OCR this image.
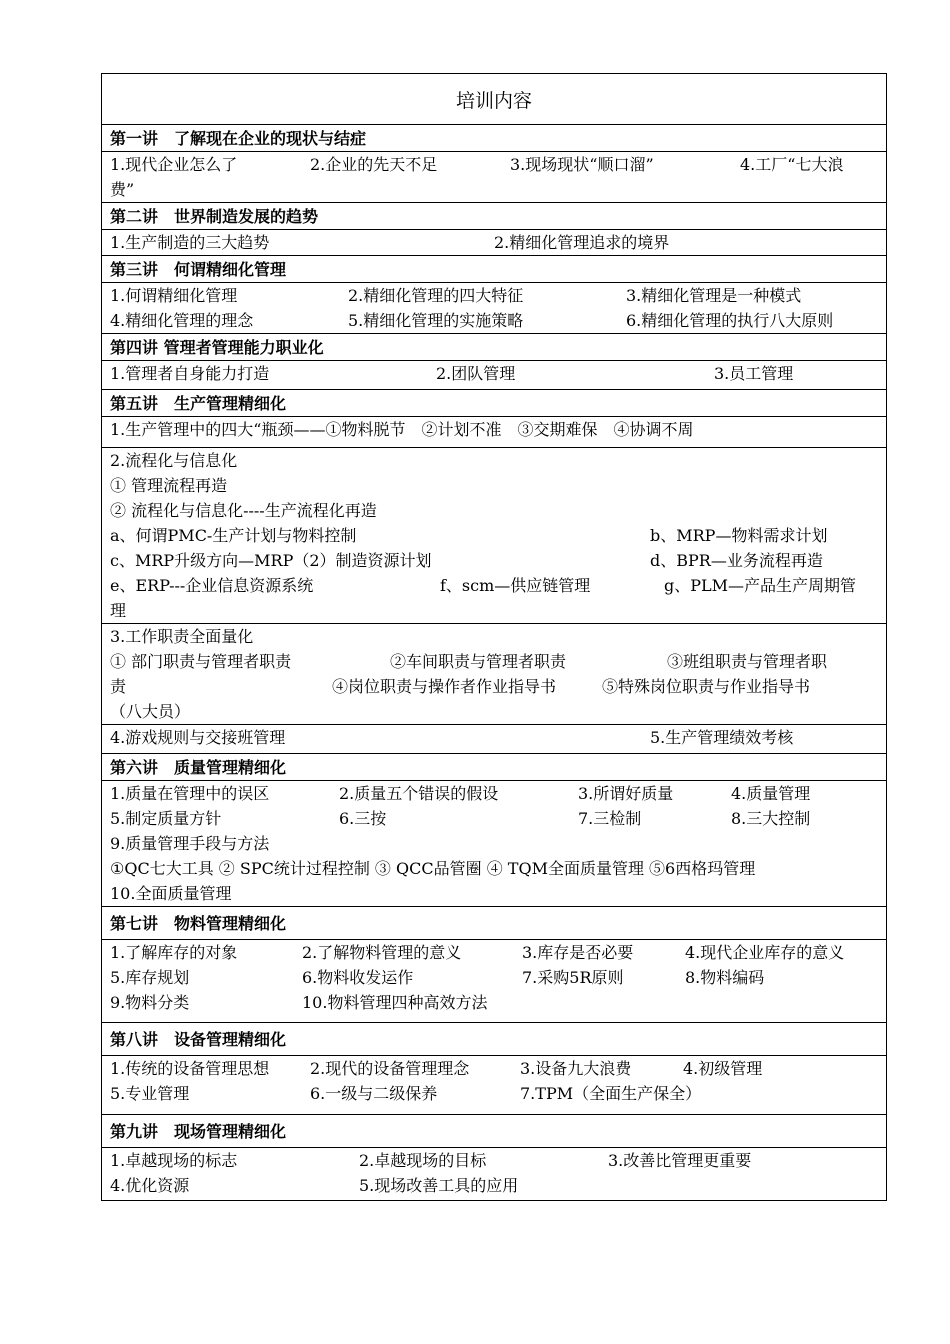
培训内容
第一讲　了解现在企业的现状与结症

1.现代企业怎么了	2.企业的先天不足	3.现场现状“顺口溜”	4.工厂“七大浪
费”

第二讲　世界制造发展的趋势

1.生产制造的三大趋势	2.精细化管理追求的境界

第三讲　何谓精细化管理

1.何谓精细化管理	2.精细化管理的四大特征	3.精细化管理是一种模式
4.精细化管理的理念	5.精细化管理的实施策略	6.精细化管理的执行八大原则

第四讲 管理者管理能力职业化

1.管理者自身能力打造	2.团队管理	3.员工管理

第五讲　生产管理精细化
1.生产管理中的四大“瓶颈——①物料脱节　②计划不准　③交期难保　④协调不周

2.流程化与信息化
① 管理流程再造
② 流程化与信息化----生产流程化再造
a、何谓PMC-生产计划与物料控制	b、MRP—物料需求计划
c、MRP升级方向—MRP（2）制造资源计划	d、BPR—业务流程再造
e、ERP---企业信息资源系统	f、scm—供应链管理	g、PLM—产品生产周期管
理

3.工作职责全面量化
① 部门职责与管理者职责	②车间职责与管理者职责	③班组职责与管理者职
责	④岗位职责与操作者作业指导书	⑤特殊岗位职责与作业指导书
（八大员）

4.游戏规则与交接班管理	5.生产管理绩效考核

第六讲　质量管理精细化

1.质量在管理中的误区	2.质量五个错误的假设	3.所谓好质量	4.质量管理
5.制定质量方针	6.三按	7.三检制	8.三大控制
9.质量管理手段与方法
①QC七大工具 ② SPC统计过程控制 ③ QCC品管圈 ④ TQM全面质量管理 ⑤6西格玛管理
10.全面质量管理

第七讲　物料管理精细化

1.了解库存的对象	2.了解物料管理的意义	3.库存是否必要	4.现代企业库存的意义
5.库存规划	6.物料收发运作	7.采购5R原则	8.物料编码
9.物料分类	10.物料管理四种高效方法

第八讲　设备管理精细化

1.传统的设备管理思想	2.现代的设备管理理念	3.设备九大浪费	4.初级管理
5.专业管理	6.一级与二级保养	7.TPM（全面生产保全）

第九讲　现场管理精细化

1.卓越现场的标志	2.卓越现场的目标	3.改善比管理更重要
4.优化资源	5.现场改善工具的应用
